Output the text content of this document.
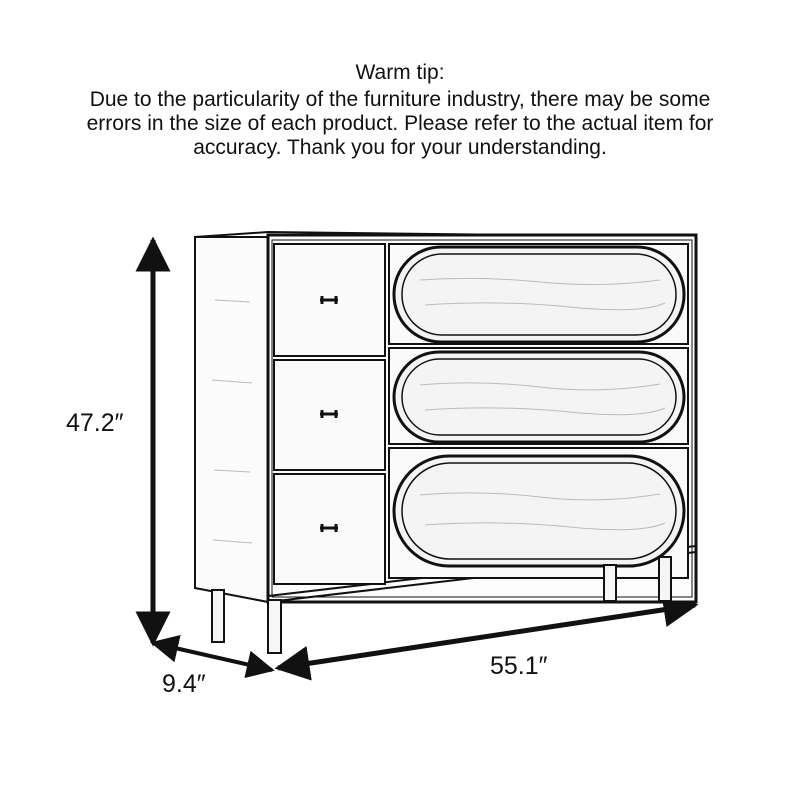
Warm tip:
Due to the particularity of the furniture industry, there may be some
errors in the size of each product. Please refer to the actual item for
accuracy. Thank you for your understanding.
47.2″
9.4″
55.1″
